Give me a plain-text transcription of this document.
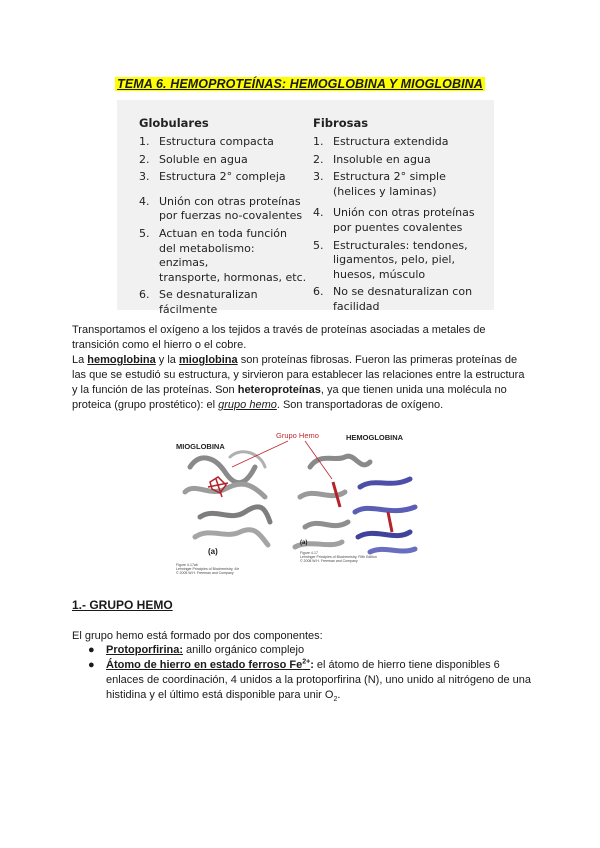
TEMA 6. HEMOPROTEÍNAS: HEMOGLOBINA Y MIOGLOBINA
Globulares
1. Estructura compacta
2. Soluble en agua
3. Estructura 2° compleja
4. Unión con otras proteínas
por fuerzas no-covalentes
5. Actuan en toda función
del metabolismo: enzimas,
transporte, hormonas, etc.
6. Se desnaturalizan
fácilmente
Fibrosas
1. Estructura extendida
2. Insoluble en agua
3. Estructura 2° simple
(helices y laminas)
4. Unión con otras proteínas
por puentes covalentes
5. Estructurales: tendones,
ligamentos, pelo, piel,
huesos, músculo
6. No se desnaturalizan con
facilidad
Transportamos el oxígeno a los tejidos a través de proteínas asociadas a metales de transición como el hierro o el cobre.
La hemoglobina y la mioglobina son proteínas fibrosas. Fueron las primeras proteínas de las que se estudió su estructura, y sirvieron para establecer las relaciones entre la estructura y la función de las proteínas. Son heteroproteínas, ya que tienen unida una molécula no proteica (grupo prostético): el grupo hemo. Son transportadoras de oxígeno.
MIOGLOBINA
Grupo Hemo	HEMOGLOBINA
(a)
(a)
Figure 4-17ab
Lehninger Principles of Biochemistry, 4/e
© 2005 W.H. Freeman and Company
Figure 4-17
Lehninger Principles of Biochemistry, Fifth Edition
© 2008 W.H. Freeman and Company
1.- GRUPO HEMO
El grupo hemo está formado por dos componentes:
● Protoporfirina: anillo orgánico complejo
● Átomo de hierro en estado ferroso $Fe^{2+}$: el átomo de hierro tiene disponibles 6 enlaces de coordinación, 4 unidos a la protoporfirina (N), uno unido al nitrógeno de una histidina y el último está disponible para unir $O_2$.
